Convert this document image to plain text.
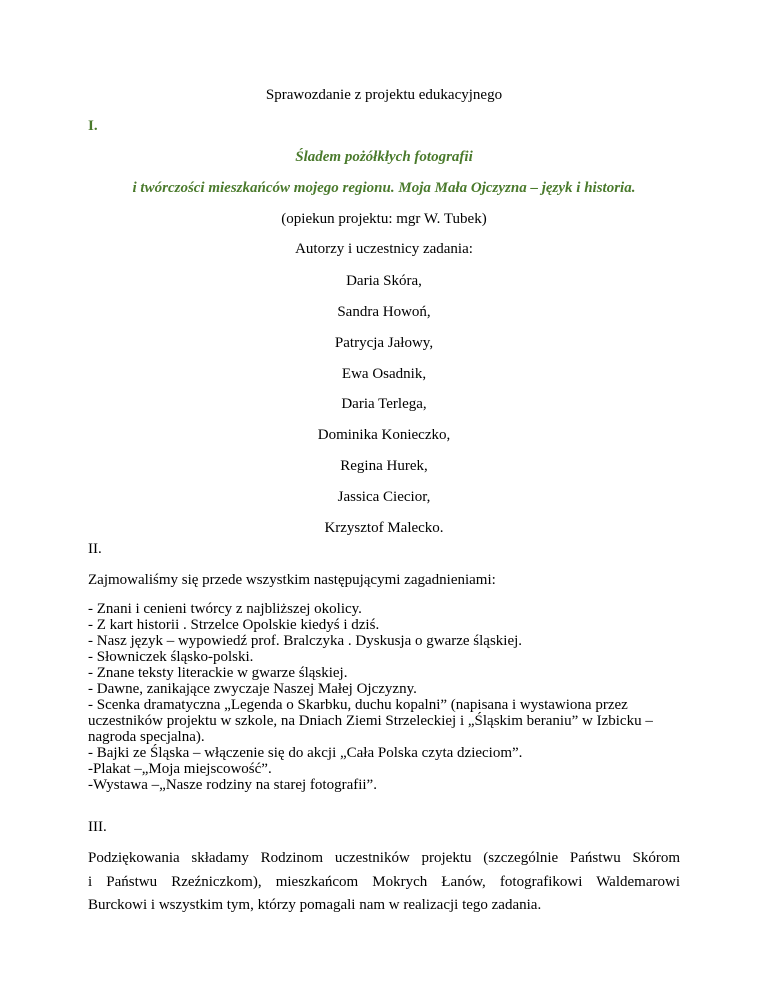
Sprawozdanie z projektu edukacyjnego
I.
Śladem pożółkłych fotografii
i twórczości mieszkańców mojego regionu. Moja Mała Ojczyzna – język i historia.
(opiekun projektu: mgr W. Tubek)
Autorzy i uczestnicy zadania:
Daria Skóra,
Sandra Howoń,
Patrycja Jałowy,
Ewa Osadnik,
Daria Terlega,
Dominika Konieczko,
Regina Hurek,
Jassica Ciecior,
Krzysztof Malecko.
II.
Zajmowaliśmy się przede wszystkim następującymi zagadnieniami:
- Znani i cenieni twórcy z najbliższej okolicy.
- Z kart historii . Strzelce Opolskie kiedyś i dziś.
- Nasz język – wypowiedź prof. Bralczyka . Dyskusja o gwarze śląskiej.
- Słowniczek śląsko-polski.
- Znane teksty literackie w gwarze śląskiej.
- Dawne, zanikające zwyczaje Naszej Małej Ojczyzny.
- Scenka dramatyczna „Legenda o Skarbku, duchu kopalni” (napisana i wystawiona przez
uczestników projektu w szkole, na Dniach Ziemi Strzeleckiej i „Śląskim beraniu” w Izbicku –
nagroda specjalna).
- Bajki ze Śląska – włączenie się do akcji „Cała Polska czyta dzieciom”.
-Plakat –„Moja miejscowość”.
-Wystawa –„Nasze rodziny na starej fotografii”.
III.
Podziękowania składamy Rodzinom uczestników projektu (szczególnie Państwu Skórom
i Państwu Rzeźniczkom), mieszkańcom Mokrych Łanów, fotografikowi Waldemarowi
Burckowi i wszystkim tym, którzy pomagali nam w realizacji tego zadania.
